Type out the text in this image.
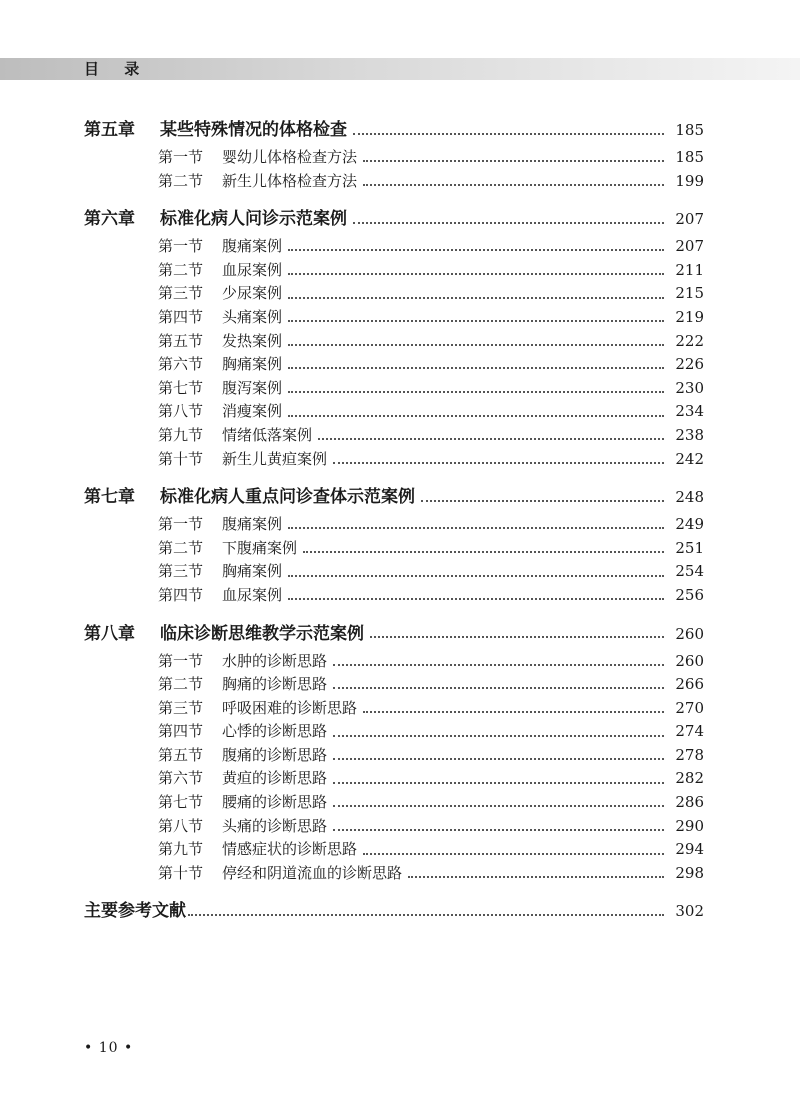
目 录
第五章	某些特殊情况的体格检查	185
第一节	婴幼儿体格检查方法	185
第二节	新生儿体格检查方法	199
第六章	标准化病人问诊示范案例	207
第一节	腹痛案例	207
第二节	血尿案例	211
第三节	少尿案例	215
第四节	头痛案例	219
第五节	发热案例	222
第六节	胸痛案例	226
第七节	腹泻案例	230
第八节	消瘦案例	234
第九节	情绪低落案例	238
第十节	新生儿黄疸案例	242
第七章	标准化病人重点问诊查体示范案例	248
第一节	腹痛案例	249
第二节	下腹痛案例	251
第三节	胸痛案例	254
第四节	血尿案例	256
第八章	临床诊断思维教学示范案例	260
第一节	水肿的诊断思路	260
第二节	胸痛的诊断思路	266
第三节	呼吸困难的诊断思路	270
第四节	心悸的诊断思路	274
第五节	腹痛的诊断思路	278
第六节	黄疸的诊断思路	282
第七节	腰痛的诊断思路	286
第八节	头痛的诊断思路	290
第九节	情感症状的诊断思路	294
第十节	停经和阴道流血的诊断思路	298
主要参考文献	302
• 10 •
